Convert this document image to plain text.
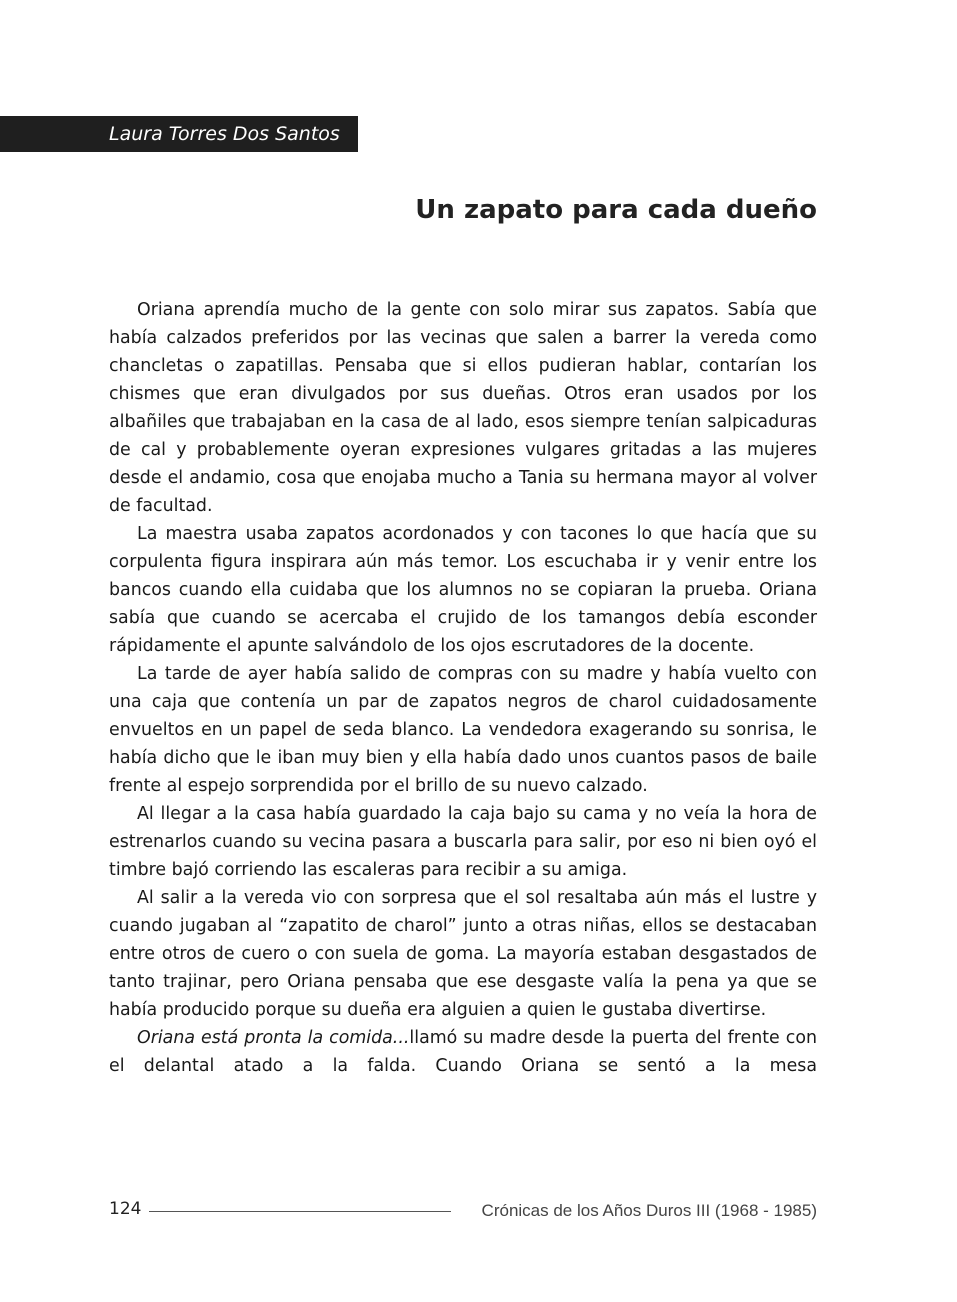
Laura Torres Dos Santos
Un zapato para cada dueño

Oriana aprendía mucho de la gente con solo mirar sus zapatos. Sabía que había calzados preferidos por las vecinas que salen a barrer la vereda como chancletas o zapatillas. Pensaba que si ellos pudieran hablar, contarían los chismes que eran divulgados por sus dueñas. Otros eran usados por los albañiles que trabajaban en la casa de al lado, esos siempre tenían salpicaduras de cal y probablemente oyeran expresiones vulgares gritadas a las mujeres desde el andamio, cosa que enojaba mucho a Tania su hermana mayor al volver de facultad.

La maestra usaba zapatos acordonados y con tacones lo que hacía que su corpulenta figura inspirara aún más temor. Los escuchaba ir y venir entre los bancos cuando ella cuidaba que los alumnos no se copiaran la prueba. Oriana sabía que cuando se acercaba el crujido de los tamangos debía esconder rápidamente el apunte salvándolo de los ojos escrutadores de la docente.

La tarde de ayer había salido de compras con su madre y había vuelto con una caja que contenía un par de zapatos negros de charol cuidadosamente envueltos en un papel de seda blanco. La vendedora exagerando su sonrisa, le había dicho que le iban muy bien y ella había dado unos cuantos pasos de baile frente al espejo sorprendida por el brillo de su nuevo calzado.

Al llegar a la casa había guardado la caja bajo su cama y no veía la hora de estrenarlos cuando su vecina pasara a buscarla para salir, por eso ni bien oyó el timbre bajó corriendo las escaleras para recibir a su amiga.

Al salir a la vereda vio con sorpresa que el sol resaltaba aún más el lustre y cuando jugaban al “zapatito de charol” junto a otras niñas, ellos se destacaban entre otros de cuero o con suela de goma. La mayoría estaban desgastados de tanto trajinar, pero Oriana pensaba que ese desgaste valía la pena ya que se había producido porque su dueña era alguien a quien le gustaba divertirse.

Oriana está pronta la comida...llamó su madre desde la puerta del frente con el delantal atado a la falda. Cuando Oriana se sentó a la mesa

124	Crónicas de los Años Duros III (1968 - 1985)
